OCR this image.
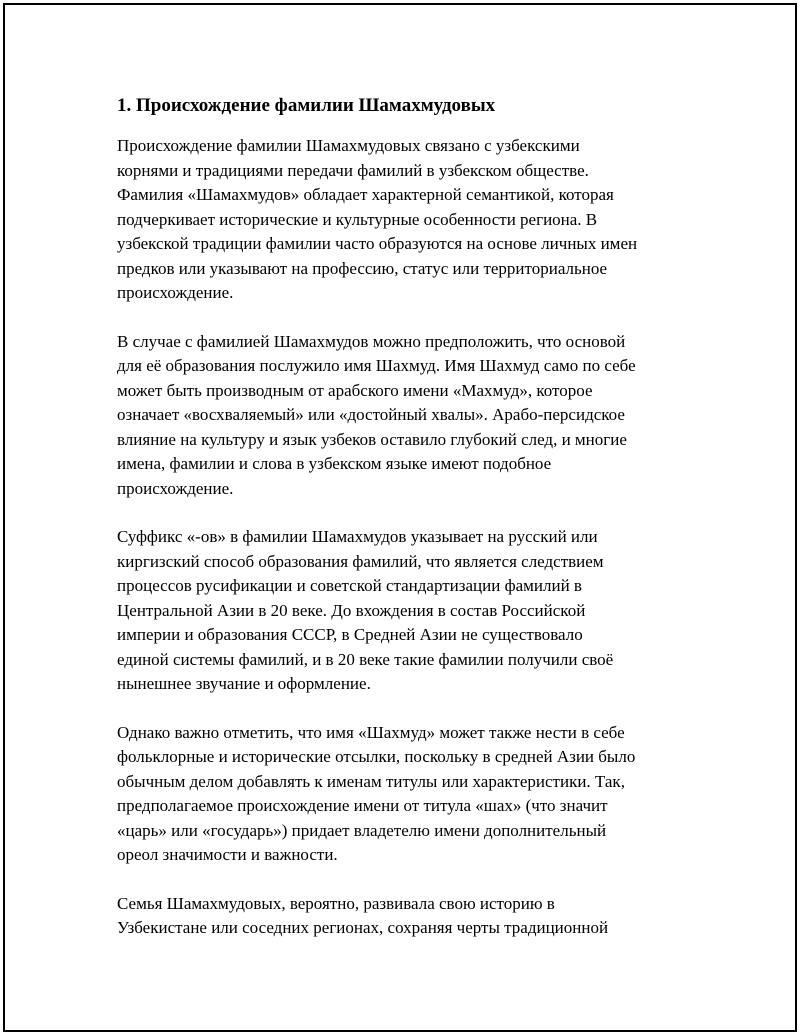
1. Происхождение фамилии Шамахмудовых

Происхождение фамилии Шамахмудовых связано с узбекскими
корнями и традициями передачи фамилий в узбекском обществе.
Фамилия «Шамахмудов» обладает характерной семантикой, которая
подчеркивает исторические и культурные особенности региона. В
узбекской традиции фамилии часто образуются на основе личных имен
предков или указывают на профессию, статус или территориальное
происхождение.

В случае с фамилией Шамахмудов можно предположить, что основой
для её образования послужило имя Шахмуд. Имя Шахмуд само по себе
может быть производным от арабского имени «Махмуд», которое
означает «восхваляемый» или «достойный хвалы». Арабо-персидское
влияние на культуру и язык узбеков оставило глубокий след, и многие
имена, фамилии и слова в узбекском языке имеют подобное
происхождение.

Суффикс «-ов» в фамилии Шамахмудов указывает на русский или
киргизский способ образования фамилий, что является следствием
процессов русификации и советской стандартизации фамилий в
Центральной Азии в 20 веке. До вхождения в состав Российской
империи и образования СССР, в Средней Азии не существовало
единой системы фамилий, и в 20 веке такие фамилии получили своё
нынешнее звучание и оформление.

Однако важно отметить, что имя «Шахмуд» может также нести в себе
фольклорные и исторические отсылки, поскольку в средней Азии было
обычным делом добавлять к именам титулы или характеристики. Так,
предполагаемое происхождение имени от титула «шах» (что значит
«царь» или «государь») придает владетелю имени дополнительный
ореол значимости и важности.

Семья Шамахмудовых, вероятно, развивала свою историю в
Узбекистане или соседних регионах, сохраняя черты традиционной
